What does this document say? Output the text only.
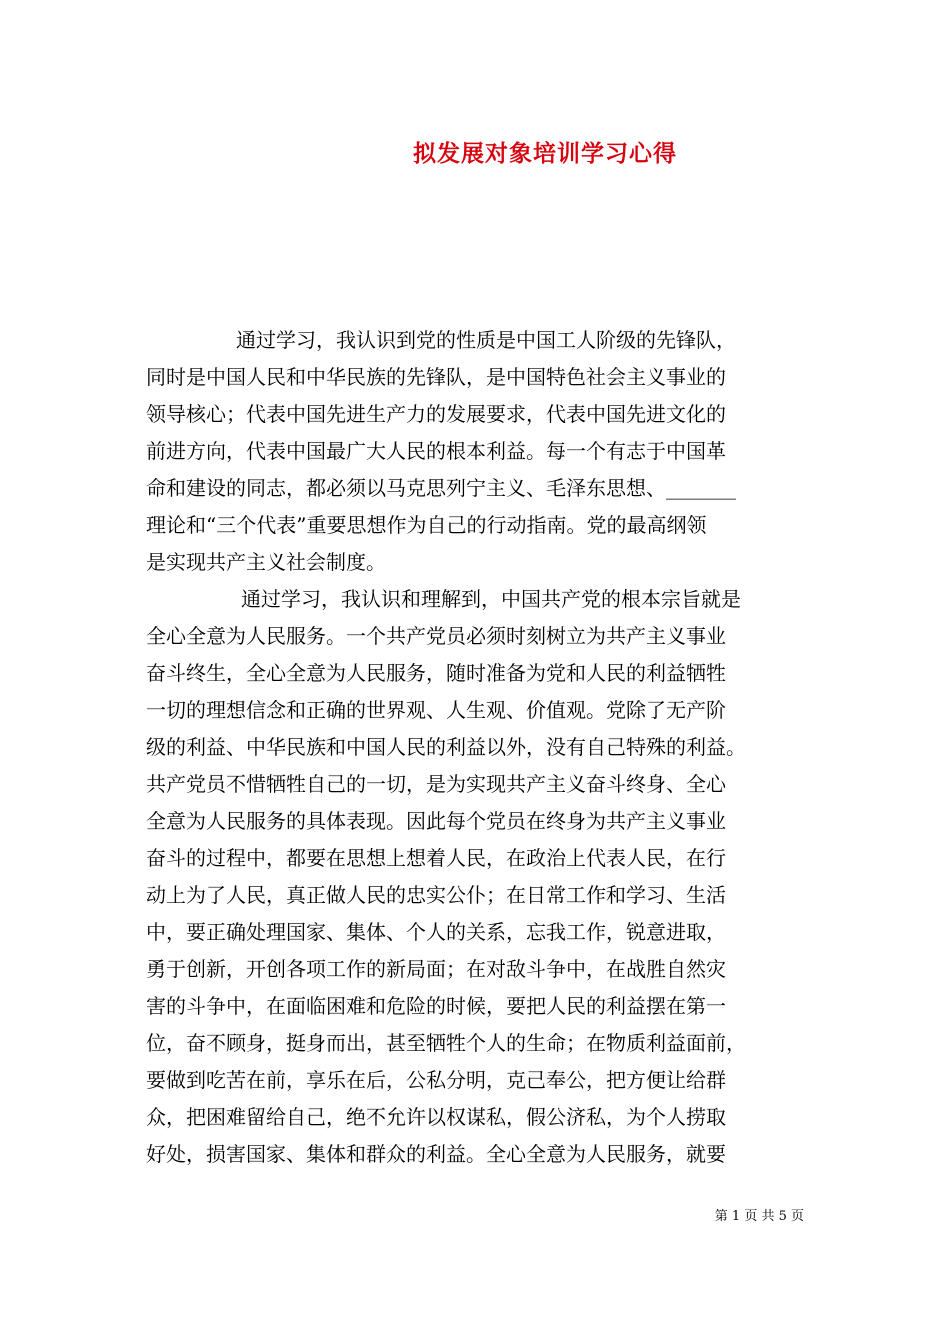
拟发展对象培训学习心得
通过学习，我认识到党的性质是中国工人阶级的先锋队，
同时是中国人民和中华民族的先锋队，是中国特色社会主义事业的
领导核心；代表中国先进生产力的发展要求，代表中国先进文化的
前进方向，代表中国最广大人民的根本利益。每一个有志于中国革
命和建设的同志，都必须以马克思列宁主义、毛泽东思想、_______
理论和“三个代表”重要思想作为自己的行动指南。党的最高纲领
是实现共产主义社会制度。
通过学习，我认识和理解到，中国共产党的根本宗旨就是
全心全意为人民服务。一个共产党员必须时刻树立为共产主义事业
奋斗终生，全心全意为人民服务，随时准备为党和人民的利益牺牲
一切的理想信念和正确的世界观、人生观、价值观。党除了无产阶
级的利益、中华民族和中国人民的利益以外，没有自己特殊的利益。
共产党员不惜牺牲自己的一切，是为实现共产主义奋斗终身、全心
全意为人民服务的具体表现。因此每个党员在终身为共产主义事业
奋斗的过程中，都要在思想上想着人民，在政治上代表人民，在行
动上为了人民，真正做人民的忠实公仆；在日常工作和学习、生活
中，要正确处理国家、集体、个人的关系，忘我工作，锐意进取，
勇于创新，开创各项工作的新局面；在对敌斗争中，在战胜自然灾
害的斗争中，在面临困难和危险的时候，要把人民的利益摆在第一
位，奋不顾身，挺身而出，甚至牺牲个人的生命；在物质利益面前，
要做到吃苦在前，享乐在后，公私分明，克己奉公，把方便让给群
众，把困难留给自己，绝不允许以权谋私，假公济私，为个人捞取
好处，损害国家、集体和群众的利益。全心全意为人民服务，就要
第 1 页 共 5 页
